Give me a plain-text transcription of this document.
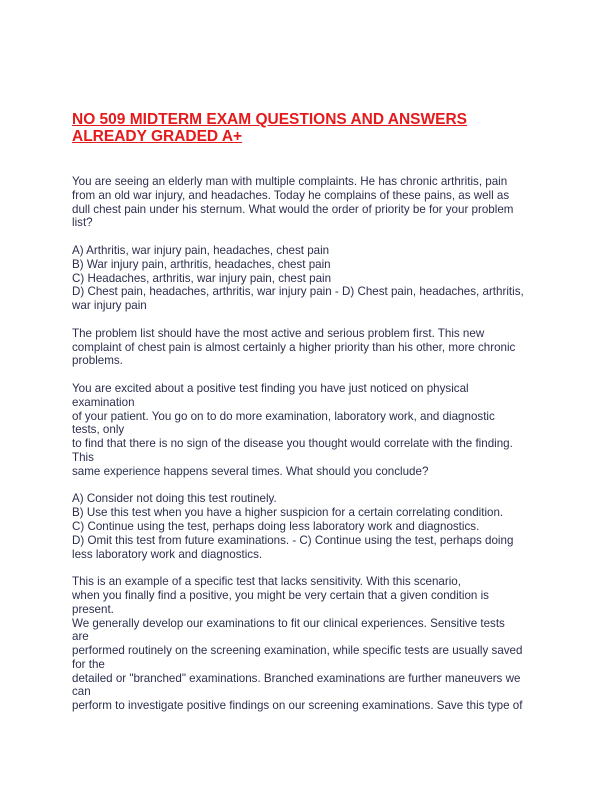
NO 509 MIDTERM EXAM QUESTIONS AND ANSWERS
ALREADY GRADED A+
You are seeing an elderly man with multiple complaints. He has chronic arthritis, pain
from an old war injury, and headaches. Today he complains of these pains, as well as
dull chest pain under his sternum. What would the order of priority be for your problem
list?
A) Arthritis, war injury pain, headaches, chest pain
B) War injury pain, arthritis, headaches, chest pain
C) Headaches, arthritis, war injury pain, chest pain
D) Chest pain, headaches, arthritis, war injury pain - D) Chest pain, headaches, arthritis,
war injury pain
The problem list should have the most active and serious problem first. This new
complaint of chest pain is almost certainly a higher priority than his other, more chronic
problems.
You are excited about a positive test finding you have just noticed on physical
examination
of your patient. You go on to do more examination, laboratory work, and diagnostic
tests, only
to find that there is no sign of the disease you thought would correlate with the finding.
This
same experience happens several times. What should you conclude?
A) Consider not doing this test routinely.
B) Use this test when you have a higher suspicion for a certain correlating condition.
C) Continue using the test, perhaps doing less laboratory work and diagnostics.
D) Omit this test from future examinations. - C) Continue using the test, perhaps doing
less laboratory work and diagnostics.
This is an example of a specific test that lacks sensitivity. With this scenario,
when you finally find a positive, you might be very certain that a given condition is
present.
We generally develop our examinations to fit our clinical experiences. Sensitive tests
are
performed routinely on the screening examination, while specific tests are usually saved
for the
detailed or "branched" examinations. Branched examinations are further maneuvers we
can
perform to investigate positive findings on our screening examinations. Save this type of
